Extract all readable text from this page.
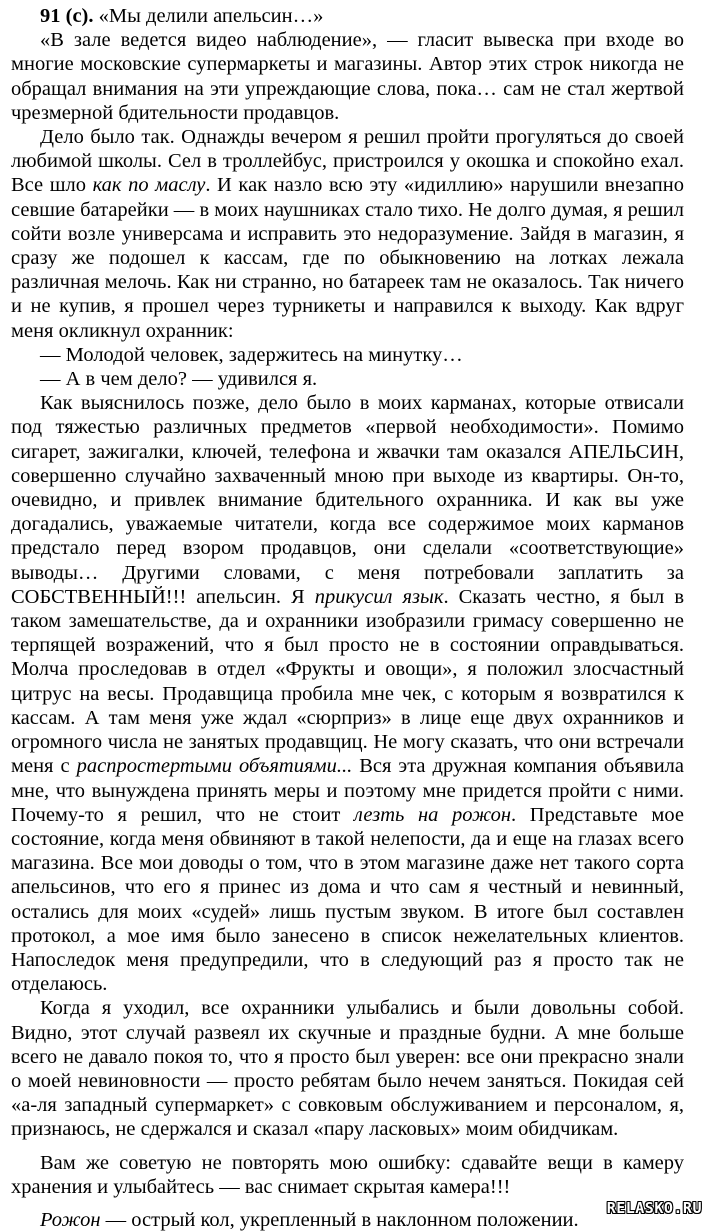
91 (с). «Мы делили апельсин…»

«В зале ведется видео наблюдение», — гласит вывеска при входе во многие московские супермаркеты и магазины. Автор этих строк никогда не обращал внимания на эти упреждающие слова, пока… сам не стал жертвой чрезмерной бдительности продавцов.

Дело было так. Однажды вечером я решил пройти прогуляться до своей любимой школы. Сел в троллейбус, пристроился у окошка и спокойно ехал. Все шло как по маслу. И как назло всю эту «идиллию» нарушили внезапно севшие батарейки — в моих наушниках стало тихо. Не долго думая, я решил сойти возле универсама и исправить это недоразумение. Зайдя в магазин, я сразу же подошел к кассам, где по обыкновению на лотках лежала различная мелочь. Как ни странно, но батареек там не оказалось. Так ничего и не купив, я прошел через турникеты и направился к выходу. Как вдруг меня окликнул охранник:

— Молодой человек, задержитесь на минутку…

— А в чем дело? — удивился я.

Как выяснилось позже, дело было в моих карманах, которые отвисали под тяжестью различных предметов «первой необходимости». Помимо сигарет, зажигалки, ключей, телефона и жвачки там оказался АПЕЛЬСИН, совершенно случайно захваченный мною при выходе из квартиры. Он-то, очевидно, и привлек внимание бдительного охранника. И как вы уже догадались, уважаемые читатели, когда все содержимое моих карманов предстало перед взором продавцов, они сделали «соответствующие» выводы… Другими словами, с меня потребовали заплатить за СОБСТВЕННЫЙ!!! апельсин. Я прикусил язык. Сказать честно, я был в таком замешательстве, да и охранники изобразили гримасу совершенно не терпящей возражений, что я был просто не в состоянии оправдываться. Молча проследовав в отдел «Фрукты и овощи», я положил злосчастный цитрус на весы. Продавщица пробила мне чек, с которым я возвратился к кассам. А там меня уже ждал «сюрприз» в лице еще двух охранников и огромного числа не занятых продавщиц. Не могу сказать, что они встречали меня с распростертыми объятиями... Вся эта дружная компания объявила мне, что вынуждена принять меры и поэтому мне придется пройти с ними. Почему-то я решил, что не стоит лезть на рожон. Представьте мое состояние, когда меня обвиняют в такой нелепости, да и еще на глазах всего магазина. Все мои доводы о том, что в этом магазине даже нет такого сорта апельсинов, что его я принес из дома и что сам я честный и невинный, остались для моих «судей» лишь пустым звуком. В итоге был составлен протокол, а мое имя было занесено в список нежелательных клиентов. Напоследок меня предупредили, что в следующий раз я просто так не отделаюсь.

Когда я уходил, все охранники улыбались и были довольны собой. Видно, этот случай развеял их скучные и праздные будни. А мне больше всего не давало покоя то, что я просто был уверен: все они прекрасно знали о моей невиновности — просто ребятам было нечем заняться. Покидая сей «а-ля западный супермаркет» с совковым обслуживанием и персоналом, я, признаюсь, не сдержался и сказал «пару ласковых» моим обидчикам.

Вам же советую не повторять мою ошибку: сдавайте вещи в камеру хранения и улыбайтесь — вас снимает скрытая камера!!!

Рожон — острый кол, укрепленный в наклонном положении.

RELASKO.RU
